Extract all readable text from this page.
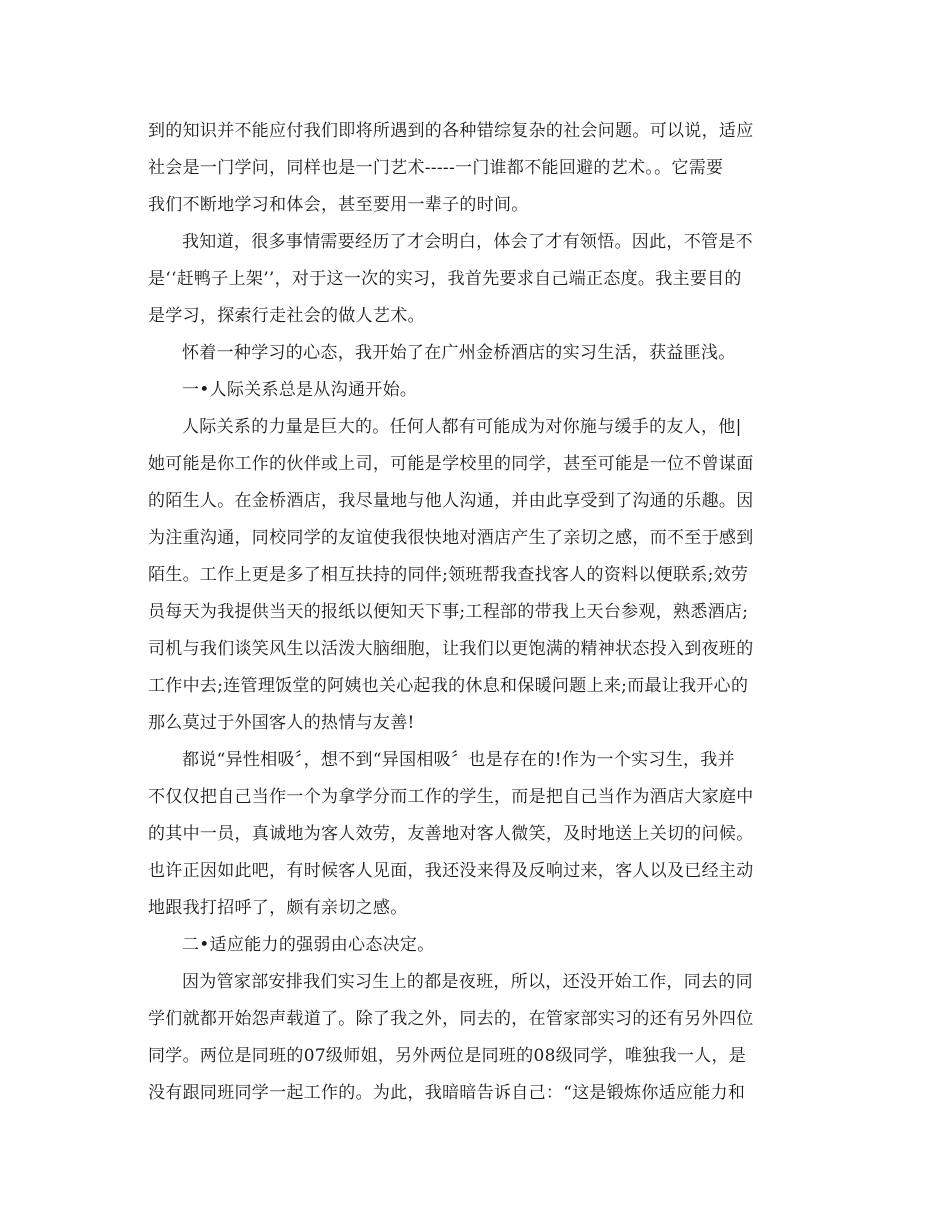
到的知识并不能应付我们即将所遇到的各种错综复杂的社会问题。可以说，适应
社会是一门学问，同样也是一门艺术-----一门谁都不能回避的艺术。。它需要
我们不断地学习和体会，甚至要用一辈子的时间。
我知道，很多事情需要经历了才会明白，体会了才有领悟。因此，不管是不
是‘‘赶鸭子上架’’，对于这一次的实习，我首先要求自己端正态度。我主要目的
是学习，探索行走社会的做人艺术。
怀着一种学习的心态，我开始了在广州金桥酒店的实习生活，获益匪浅。
一•人际关系总是从沟通开始。
人际关系的力量是巨大的。任何人都有可能成为对你施与缓手的友人，他|
她可能是你工作的伙伴或上司，可能是学校里的同学，甚至可能是一位不曾谋面
的陌生人。在金桥酒店，我尽量地与他人沟通，并由此享受到了沟通的乐趣。因
为注重沟通，同校同学的友谊使我很快地对酒店产生了亲切之感，而不至于感到
陌生。工作上更是多了相互扶持的同伴;领班帮我查找客人的资料以便联系;效劳
员每天为我提供当天的报纸以便知天下事;工程部的带我上天台参观，熟悉酒店;
司机与我们谈笑风生以活泼大脑细胞，让我们以更饱满的精神状态投入到夜班的
工作中去;连管理饭堂的阿姨也关心起我的休息和保暖问题上来;而最让我开心的
那么莫过于外国客人的热情与友善!
都说“异性相吸〞，想不到“异国相吸〞也是存在的!作为一个实习生，我并
不仅仅把自己当作一个为拿学分而工作的学生，而是把自己当作为酒店大家庭中
的其中一员，真诚地为客人效劳，友善地对客人微笑，及时地送上关切的问候。
也许正因如此吧，有时候客人见面，我还没来得及反响过来，客人以及已经主动
地跟我打招呼了，颇有亲切之感。
二•适应能力的强弱由心态决定。
因为管家部安排我们实习生上的都是夜班，所以，还没开始工作，同去的同
学们就都开始怨声载道了。除了我之外，同去的，在管家部实习的还有另外四位
同学。两位是同班的07级师姐，另外两位是同班的08级同学，唯独我一人，是
没有跟同班同学一起工作的。为此，我暗暗告诉自己：“这是锻炼你适应能力和
